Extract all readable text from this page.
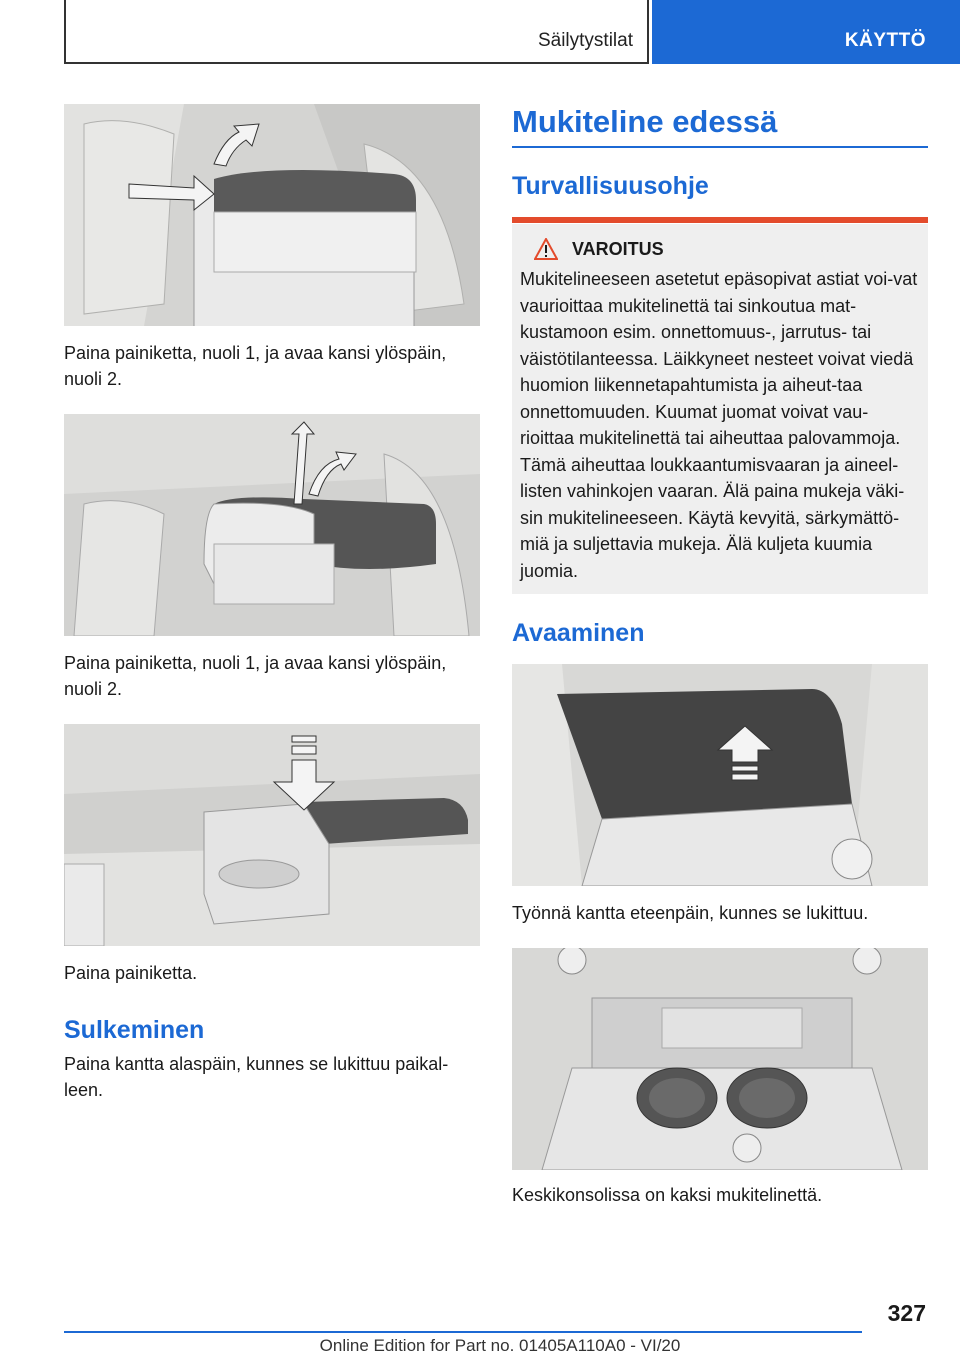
Säilytystilat	KÄYTTÖ
Paina painiketta, nuoli 1, ja avaa kansi ylöspäin, nuoli 2.
Paina painiketta, nuoli 1, ja avaa kansi ylöspäin, nuoli 2.
Paina painiketta.
Sulkeminen
Paina kantta alaspäin, kunnes se lukittuu paikal-leen.
Mukiteline edessä
Turvallisuusohje
VAROITUS
Mukitelineeseen asetetut epäsopivat astiat voi-vat vaurioittaa mukitelinettä tai sinkoutua mat-kustamoon esim. onnettomuus-, jarrutus- tai väistötilanteessa. Läikkyneet nesteet voivat viedä huomion liikennetapahtumista ja aiheut-taa onnettomuuden. Kuumat juomat voivat vau-rioittaa mukitelinettä tai aiheuttaa palovammoja. Tämä aiheuttaa loukkaantumisvaaran ja aineel-listen vahinkojen vaaran. Älä paina mukeja väki-sin mukitelineeseen. Käytä kevyitä, särkymättö-miä ja suljettavia mukeja. Älä kuljeta kuumia juomia.
Avaaminen
Työnnä kantta eteenpäin, kunnes se lukittuu.
Keskikonsolissa on kaksi mukitelinettä.
327
Online Edition for Part no. 01405A110A0 - VI/20
